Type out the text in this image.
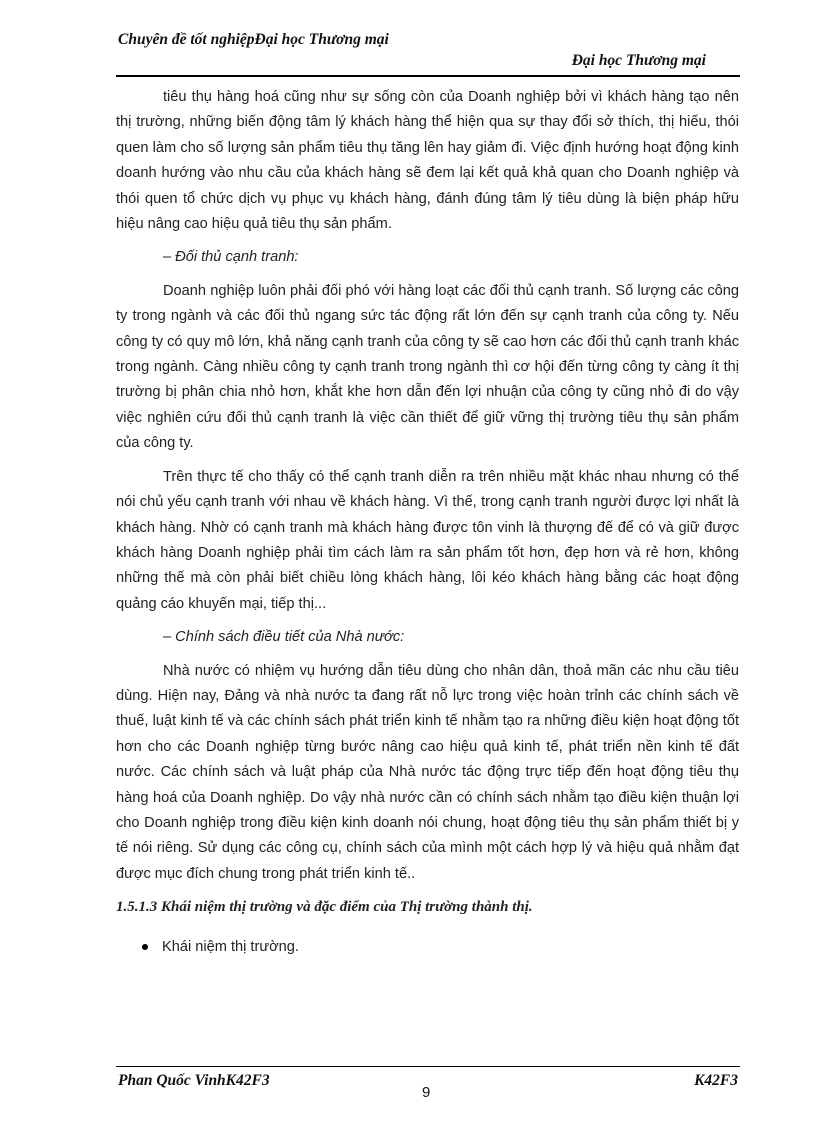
Chuyên đề tốt nghiệpĐại học Thương mại
Đại học Thương mại

tiêu thụ hàng hoá cũng như sự sống còn của Doanh nghiệp bởi vì khách hàng tạo nên thị trường, những biến động tâm lý khách hàng thể hiện qua sự thay đổi sở thích, thị hiếu, thói quen làm cho số lượng sản phẩm tiêu thụ tăng lên hay giảm đi. Việc định hướng hoạt động kinh doanh hướng vào nhu cầu của khách hàng sẽ đem lại kết quả khả quan cho Doanh nghiệp và thói quen tổ chức dịch vụ phục vụ khách hàng, đánh đúng tâm lý tiêu dùng là biện pháp hữu hiệu nâng cao hiệu quả tiêu thụ sản phẩm.

– Đối thủ cạnh tranh:

Doanh nghiệp luôn phải đối phó với hàng loạt các đối thủ cạnh tranh. Số lượng các công ty trong ngành và các đối thủ ngang sức tác động rất lớn đến sự cạnh tranh của công ty. Nếu công ty có quy mô lớn, khả năng cạnh tranh của công ty sẽ cao hơn các đối thủ cạnh tranh khác trong ngành. Càng nhiều công ty cạnh tranh trong ngành thì cơ hội đến từng công ty càng ít thị trường bị phân chia nhỏ hơn, khắt khe hơn dẫn đến lợi nhuận của công ty cũng nhỏ đi do vậy việc nghiên cứu đối thủ cạnh tranh là việc cần thiết để giữ vững thị trường tiêu thụ sản phẩm của công ty.

Trên thực tế cho thấy có thể cạnh tranh diễn ra trên nhiều mặt khác nhau nhưng có thể nói chủ yếu cạnh tranh với nhau về khách hàng. Vì thế, trong cạnh tranh người được lợi nhất là khách hàng. Nhờ có cạnh tranh mà khách hàng được tôn vinh là thượng đế để có và giữ được khách hàng Doanh nghiệp phải tìm cách làm ra sản phẩm tốt hơn, đẹp hơn và rẻ hơn, không những thế mà còn phải biết chiều lòng khách hàng, lôi kéo khách hàng bằng các hoạt động quảng cáo khuyến mại, tiếp thị...

– Chính sách điều tiết của Nhà nước:

Nhà nước có nhiệm vụ hướng dẫn tiêu dùng cho nhân dân, thoả mãn các nhu cầu tiêu dùng. Hiện nay, Đảng và nhà nước ta đang rất nỗ lực trong việc hoàn trỉnh các chính sách về thuế, luật kinh tế và các chính sách phát triển kinh tế nhằm tạo ra những điều kiện hoạt động tốt hơn cho các Doanh nghiệp từng bước nâng cao hiệu quả kinh tế, phát triển nền kinh tế đất nước. Các chính sách và luật pháp của Nhà nước tác động trực tiếp đến hoạt động tiêu thụ hàng hoá của Doanh nghiệp. Do vậy nhà nước cần có chính sách nhằm tạo điều kiện thuận lợi cho Doanh nghiệp trong điều kiện kinh doanh nói chung, hoạt động tiêu thụ sản phẩm thiết bị y tế nói riêng. Sử dụng các công cụ, chính sách của mình một cách hợp lý và hiệu quả nhằm đạt được mục đích chung trong phát triển kinh tế..

1.5.1.3 Khái niệm thị trường và đặc điểm của Thị trường thành thị.
Khái niệm thị trường.
Phan Quốc VinhK42F3
9
K42F3
